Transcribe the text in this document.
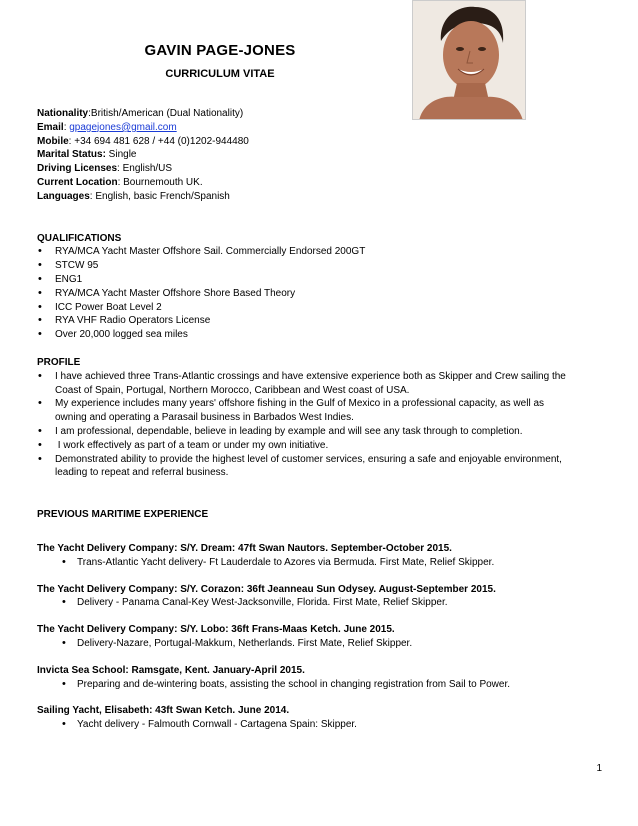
GAVIN PAGE-JONES
CURRICULUM VITAE
Nationality:British/American (Dual Nationality)
Email: gpagejones@gmail.com
Mobile: +34 694 481 628 / +44 (0)1202-944480
Marital Status: Single
Driving Licenses: English/US
Current Location: Bournemouth UK.
Languages: English, basic French/Spanish
QUALIFICATIONS
• RYA/MCA Yacht Master Offshore Sail. Commercially Endorsed 200GT
• STCW 95
• ENG1
• RYA/MCA Yacht Master Offshore Shore Based Theory
• ICC Power Boat Level 2
• RYA VHF Radio Operators License
• Over 20,000 logged sea miles
PROFILE
• I have achieved three Trans-Atlantic crossings and have extensive experience both as Skipper and Crew sailing the
Coast of Spain, Portugal, Northern Morocco, Caribbean and West coast of USA.
• My experience includes many years' offshore fishing in the Gulf of Mexico in a professional capacity, as well as
owning and operating a Parasail business in Barbados West Indies.
• I am professional, dependable, believe in leading by example and will see any task through to completion.
•  I work effectively as part of a team or under my own initiative.
• Demonstrated ability to provide the highest level of customer services, ensuring a safe and enjoyable environment,
leading to repeat and referral business.
PREVIOUS MARITIME EXPERIENCE
The Yacht Delivery Company: S/Y. Dream: 47ft Swan Nautors. September-October 2015.
• Trans-Atlantic Yacht delivery- Ft Lauderdale to Azores via Bermuda. First Mate, Relief Skipper.
The Yacht Delivery Company: S/Y. Corazon: 36ft Jeanneau Sun Odysey. August-September 2015.
• Delivery - Panama Canal-Key West-Jacksonville, Florida. First Mate, Relief Skipper.
The Yacht Delivery Company: S/Y. Lobo: 36ft Frans-Maas Ketch. June 2015.
• Delivery-Nazare, Portugal-Makkum, Netherlands. First Mate, Relief Skipper.
Invicta Sea School: Ramsgate, Kent. January-April 2015.
• Preparing and de-wintering boats, assisting the school in changing registration from Sail to Power.
Sailing Yacht, Elisabeth: 43ft Swan Ketch. June 2014.
• Yacht delivery - Falmouth Cornwall - Cartagena Spain: Skipper.
1
